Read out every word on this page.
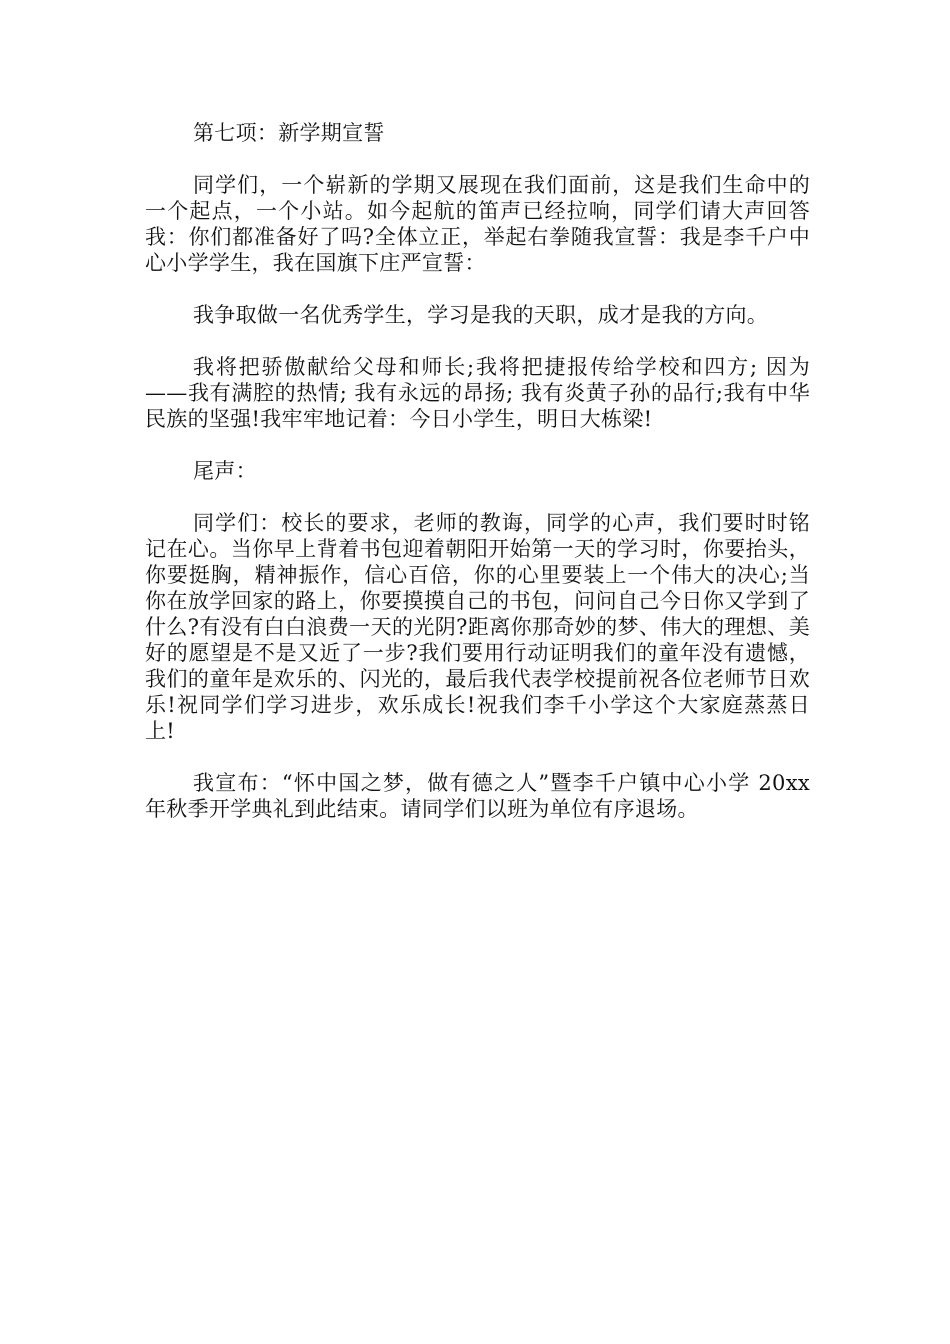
第七项：新学期宣誓

同学们，一个崭新的学期又展现在我们面前，这是我们生命中的一个起点，一个小站。如今起航的笛声已经拉响，同学们请大声回答我：你们都准备好了吗?全体立正，举起右拳随我宣誓：我是李千户中心小学学生，我在国旗下庄严宣誓：

我争取做一名优秀学生，学习是我的天职，成才是我的方向。

我将把骄傲献给父母和师长;我将把捷报传给学校和四方; 因为——我有满腔的热情; 我有永远的昂扬; 我有炎黄子孙的品行;我有中华民族的坚强!我牢牢地记着：今日小学生，明日大栋梁!

尾声：

同学们：校长的要求，老师的教诲，同学的心声，我们要时时铭记在心。当你早上背着书包迎着朝阳开始第一天的学习时，你要抬头，你要挺胸，精神振作，信心百倍，你的心里要装上一个伟大的决心;当你在放学回家的路上，你要摸摸自己的书包，问问自己今日你又学到了什么?有没有白白浪费一天的光阴?距离你那奇妙的梦、伟大的理想、美好的愿望是不是又近了一步?我们要用行动证明我们的童年没有遗憾，我们的童年是欢乐的、闪光的，最后我代表学校提前祝各位老师节日欢乐!祝同学们学习进步，欢乐成长!祝我们李千小学这个大家庭蒸蒸日上!

我宣布：“怀中国之梦，做有德之人”暨李千户镇中心小学 20xx 年秋季开学典礼到此结束。请同学们以班为单位有序退场。
